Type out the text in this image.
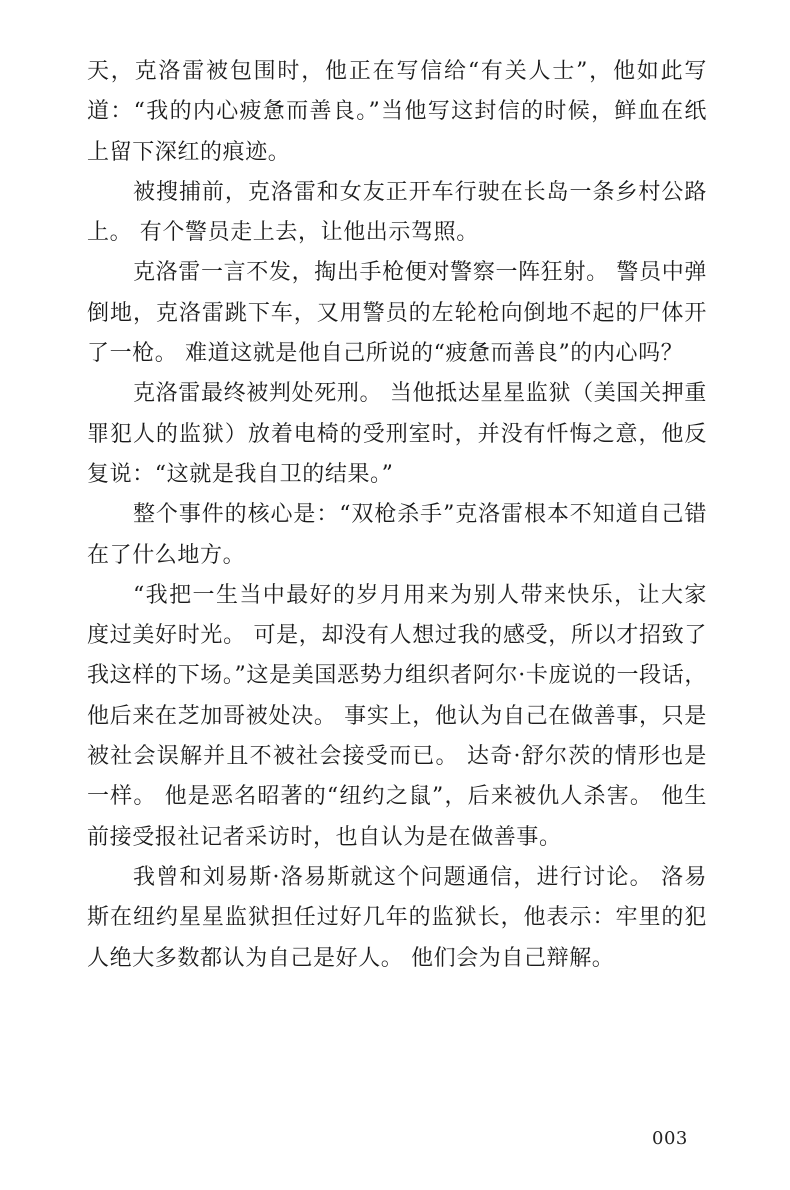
天，克洛雷被包围时，他正在写信给“有关人士”，他如此写道：“我的内心疲惫而善良。”当他写这封信的时候，鲜血在纸上留下深红的痕迹。

被搜捕前，克洛雷和女友正开车行驶在长岛一条乡村公路上。 有个警员走上去，让他出示驾照。

克洛雷一言不发，掏出手枪便对警察一阵狂射。 警员中弹倒地，克洛雷跳下车，又用警员的左轮枪向倒地不起的尸体开了一枪。 难道这就是他自己所说的“疲惫而善良”的内心吗？

克洛雷最终被判处死刑。 当他抵达星星监狱（美国关押重罪犯人的监狱）放着电椅的受刑室时，并没有忏悔之意，他反复说：“这就是我自卫的结果。”

整个事件的核心是：“双枪杀手”克洛雷根本不知道自己错在了什么地方。

“我把一生当中最好的岁月用来为别人带来快乐，让大家度过美好时光。 可是，却没有人想过我的感受，所以才招致了我这样的下场。”这是美国恶势力组织者阿尔·卡庞说的一段话，他后来在芝加哥被处决。 事实上，他认为自己在做善事，只是被社会误解并且不被社会接受而已。 达奇·舒尔茨的情形也是一样。 他是恶名昭著的“纽约之鼠”，后来被仇人杀害。 他生前接受报社记者采访时，也自认为是在做善事。

我曾和刘易斯·洛易斯就这个问题通信，进行讨论。 洛易斯在纽约星星监狱担任过好几年的监狱长，他表示：牢里的犯人绝大多数都认为自己是好人。 他们会为自己辩解。

003
